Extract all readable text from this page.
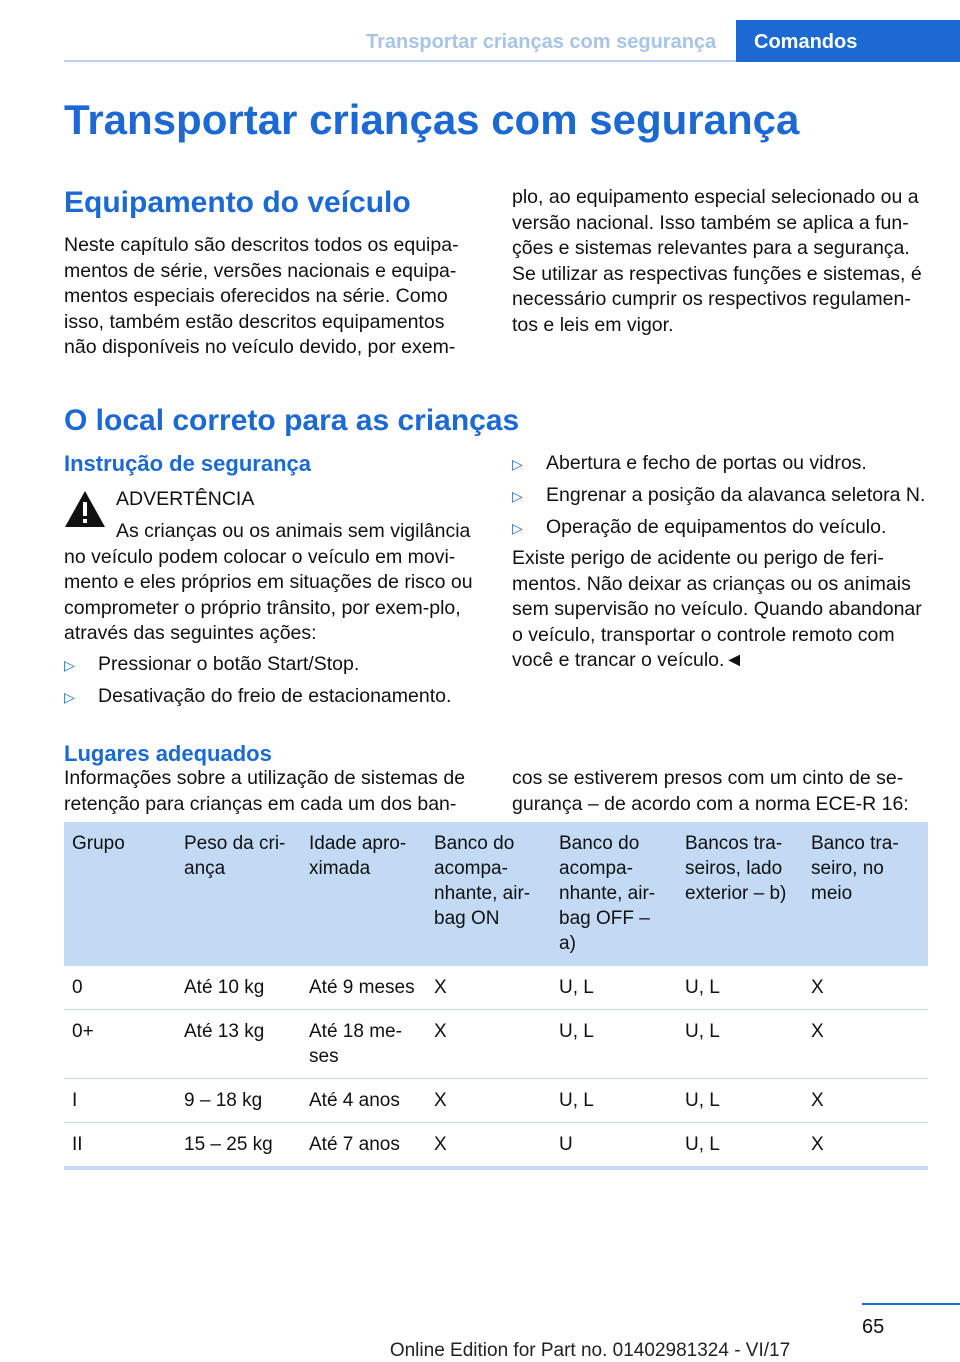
Transportar crianças com segurança	Comandos
Transportar crianças com segurança
Equipamento do veículo

Neste capítulo são descritos todos os equipa-mentos de série, versões nacionais e equipa-mentos especiais oferecidos na série. Como isso, também estão descritos equipamentos não disponíveis no veículo devido, por exem-

plo, ao equipamento especial selecionado ou a versão nacional. Isso também se aplica a fun-ções e sistemas relevantes para a segurança. Se utilizar as respectivas funções e sistemas, é necessário cumprir os respectivos regulamen-tos e leis em vigor.

O local correto para as crianças
Instrução de segurança

ADVERTÊNCIA

As crianças ou os animais sem vigilância no veículo podem colocar o veículo em movi-mento e eles próprios em situações de risco ou comprometer o próprio trânsito, por exem-plo, através das seguintes ações:

▷	Pressionar o botão Start/Stop.
▷	Desativação do freio de estacionamento.
▷	Abertura e fecho de portas ou vidros.
▷	Engrenar a posição da alavanca seletora N.
▷	Operação de equipamentos do veículo.

Existe perigo de acidente ou perigo de feri-mentos. Não deixar as crianças ou os animais sem supervisão no veículo. Quando abandonar o veículo, transportar o controle remoto com você e trancar o veículo.◄

Lugares adequados

Informações sobre a utilização de sistemas de retenção para crianças em cada um dos ban-

cos se estiverem presos com um cinto de se-gurança – de acordo com a norma ECE-R 16:

Grupo	Peso da cri-ança	Idade apro-ximada	Banco do acompa-nhante, air-bag ON	Banco do acompa-nhante, air-bag OFF – a)	Bancos tra-seiros, lado exterior – b)	Banco tra-seiro, no meio
0	Até 10 kg	Até 9 meses	X	U, L	U, L	X
0+	Até 13 kg	Até 18 me-ses	X	U, L	U, L	X
I	9 – 18 kg	Até 4 anos	X	U, L	U, L	X
II	15 – 25 kg	Até 7 anos	X	U	U, L	X
65
Online Edition for Part no. 01402981324 - VI/17
